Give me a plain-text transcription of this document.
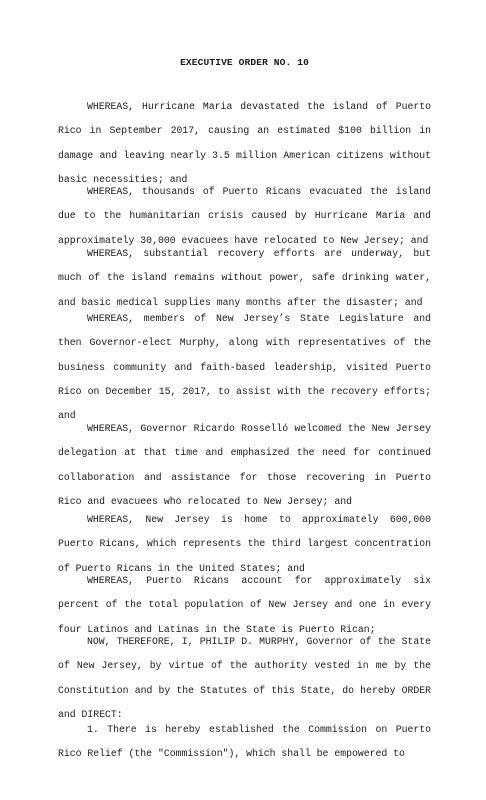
EXECUTIVE ORDER NO. 10

WHEREAS, Hurricane Maria devastated the island of Puerto Rico in September 2017, causing an estimated $100 billion in damage and leaving nearly 3.5 million American citizens without basic necessities; and

WHEREAS, thousands of Puerto Ricans evacuated the island due to the humanitarian crisis caused by Hurricane Maria and approximately 30,000 evacuees have relocated to New Jersey; and

WHEREAS, substantial recovery efforts are underway, but much of the island remains without power, safe drinking water, and basic medical supplies many months after the disaster; and

WHEREAS, members of New Jersey’s State Legislature and then Governor-elect Murphy, along with representatives of the business community and faith-based leadership, visited Puerto Rico on December 15, 2017, to assist with the recovery efforts; and

WHEREAS, Governor Ricardo Rosselló welcomed the New Jersey delegation at that time and emphasized the need for continued collaboration and assistance for those recovering in Puerto Rico and evacuees who relocated to New Jersey; and

WHEREAS, New Jersey is home to approximately 600,000 Puerto Ricans, which represents the third largest concentration of Puerto Ricans in the United States; and

WHEREAS, Puerto Ricans account for approximately six percent of the total population of New Jersey and one in every four Latinos and Latinas in the State is Puerto Rican;

NOW, THEREFORE, I, PHILIP D. MURPHY, Governor of the State of New Jersey, by virtue of the authority vested in me by the Constitution and by the Statutes of this State, do hereby ORDER and DIRECT:

1. There is hereby established the Commission on Puerto Rico Relief (the "Commission"), which shall be empowered to
